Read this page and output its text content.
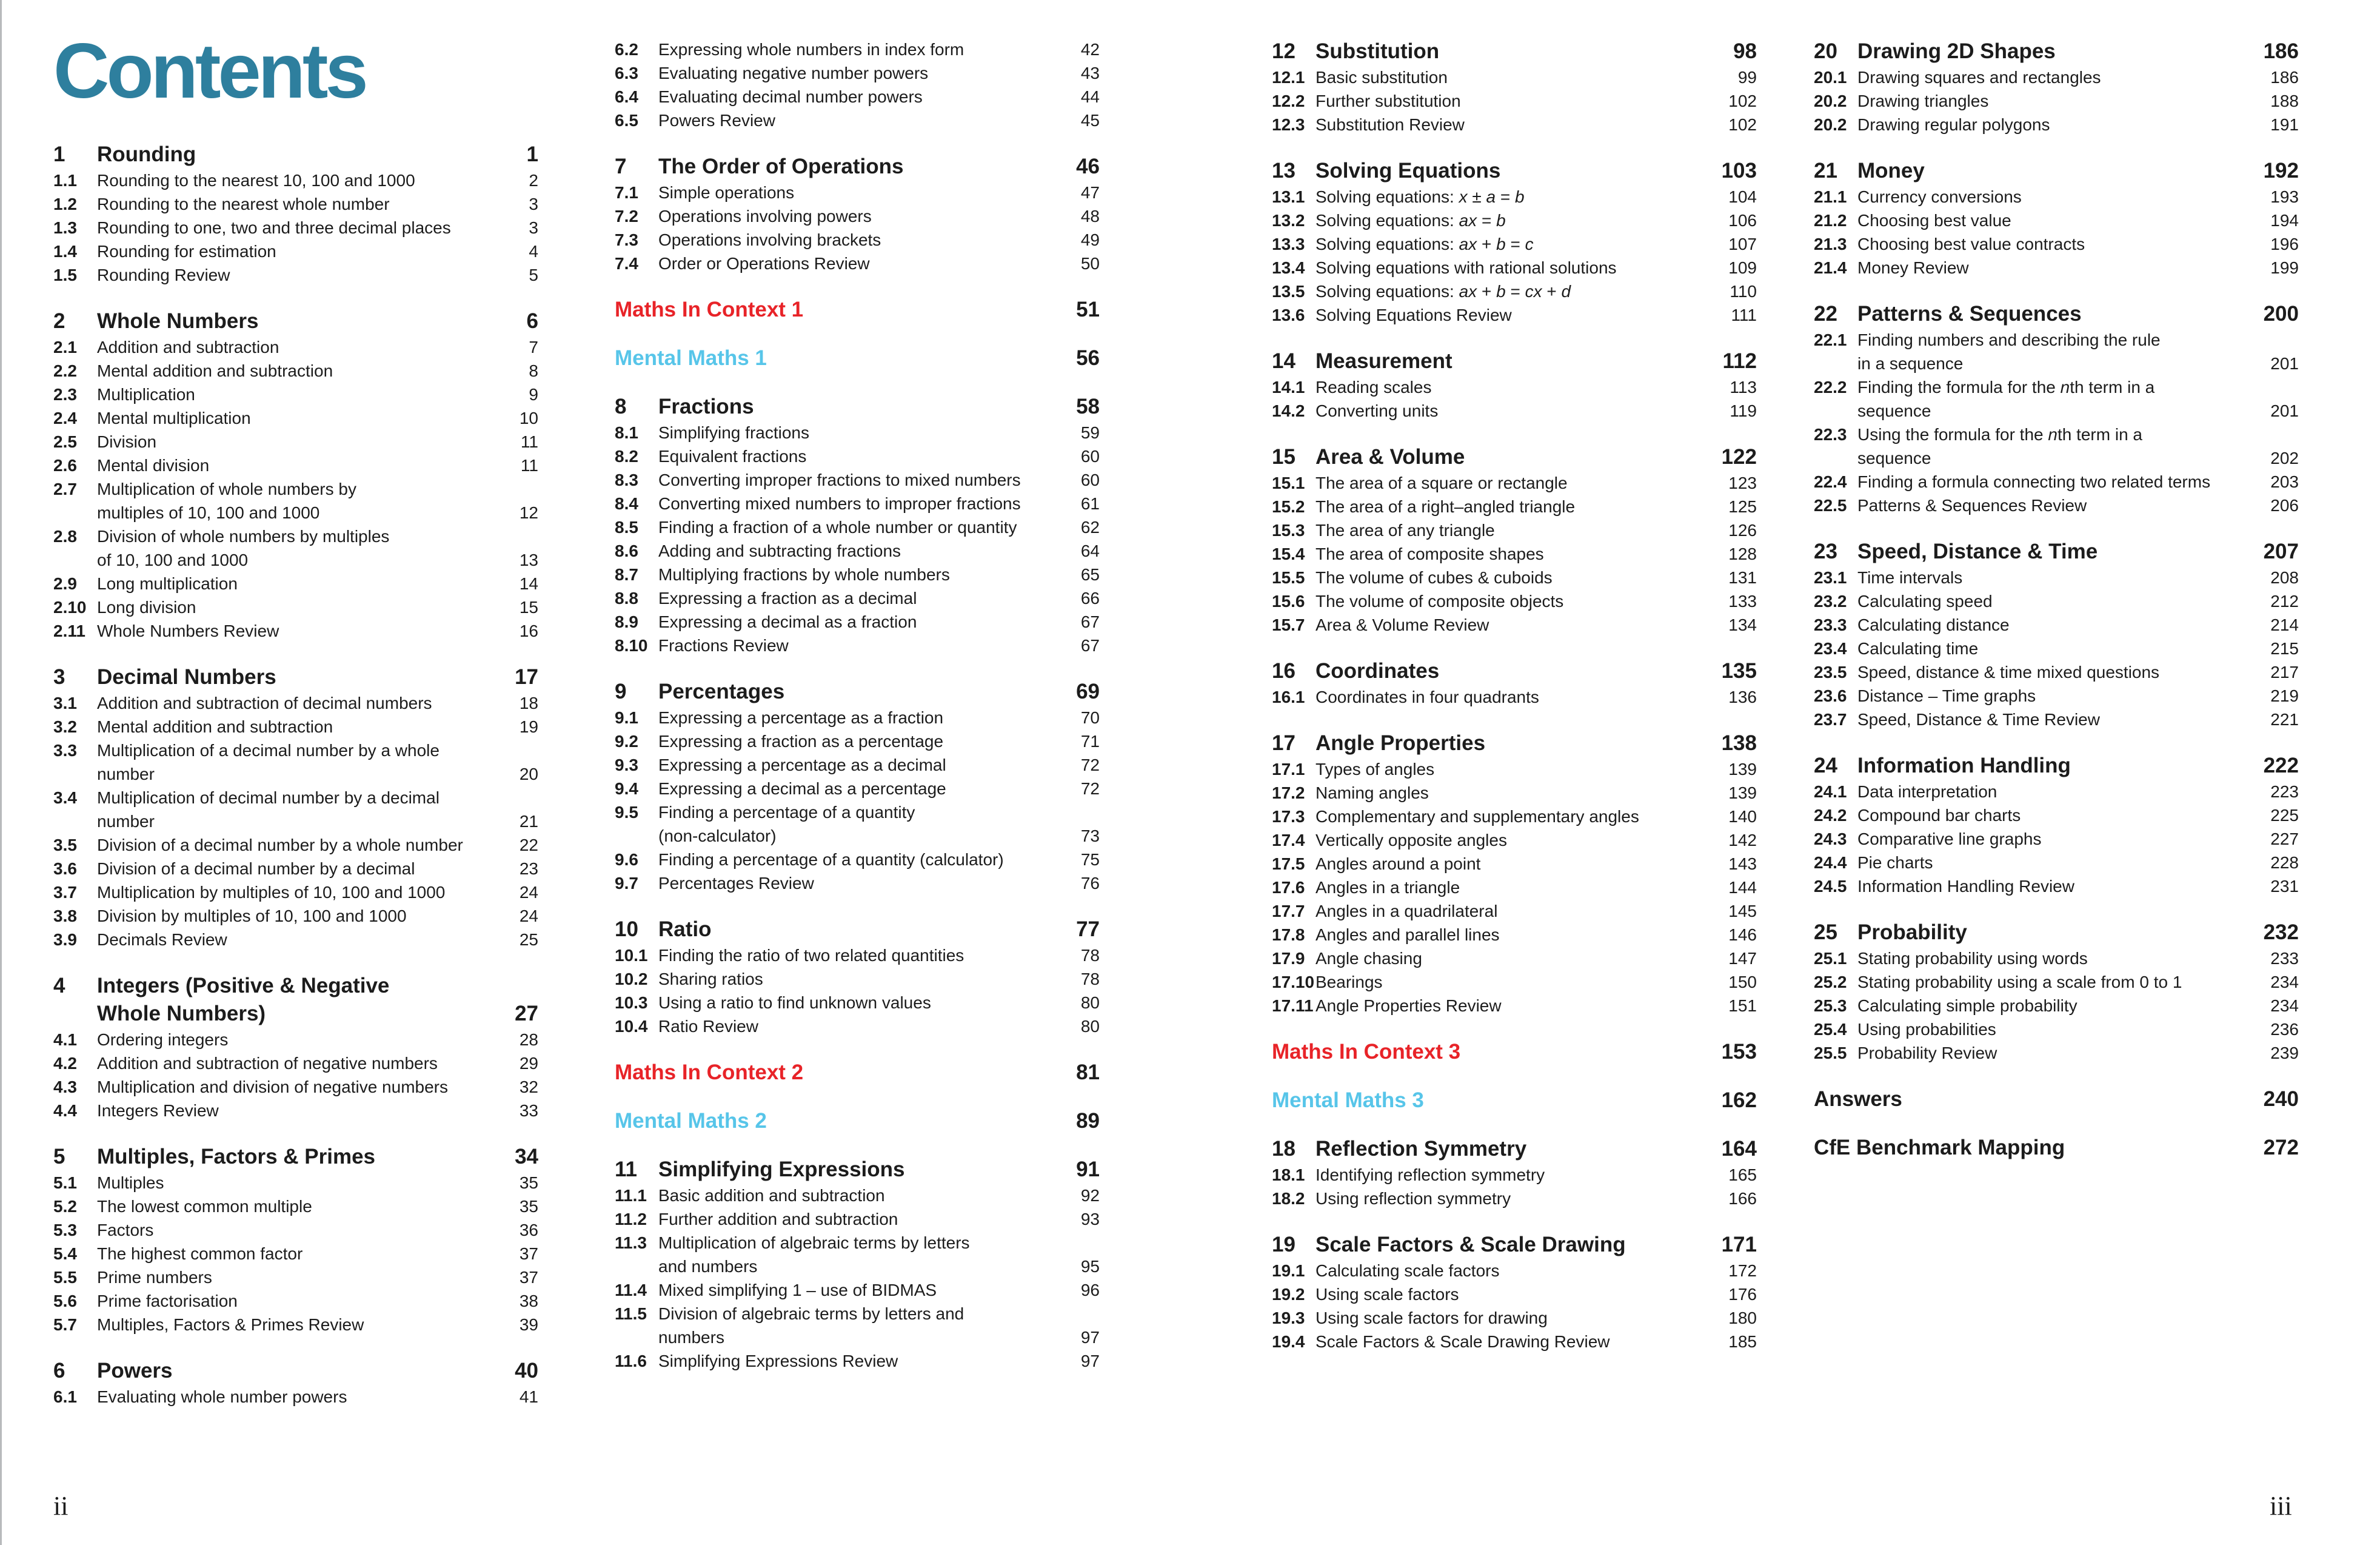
Contents
1	Rounding	1
1.1	Rounding to the nearest 10, 100 and 1000	2
1.2	Rounding to the nearest whole number	3
1.3	Rounding to one, two and three decimal places	3
1.4	Rounding for estimation	4
1.5	Rounding Review	5
2	Whole Numbers	6
2.1	Addition and subtraction	7
2.2	Mental addition and subtraction	8
2.3	Multiplication	9
2.4	Mental multiplication	10
2.5	Division	11
2.6	Mental division	11
2.7	Multiplication of whole numbers by
multiples of 10, 100 and 1000	12
2.8	Division of whole numbers by multiples
of 10, 100 and 1000	13
2.9	Long multiplication	14
2.10 Long division	15
2.11 Whole Numbers Review	16
3	Decimal Numbers	17
3.1	Addition and subtraction of decimal numbers	18
3.2	Mental addition and subtraction	19
3.3	Multiplication of a decimal number by a whole
number	20
3.4	Multiplication of decimal number by a decimal
number	21
3.5	Division of a decimal number by a whole number	22
3.6	Division of a decimal number by a decimal	23
3.7	Multiplication by multiples of 10, 100 and 1000	24
3.8	Division by multiples of 10, 100 and 1000	24
3.9	Decimals Review	25
4	Integers (Positive & Negative
Whole Numbers)	27
4.1	Ordering integers	28
4.2	Addition and subtraction of negative numbers	29
4.3	Multiplication and division of negative numbers	32
4.4	Integers Review	33
5	Multiples, Factors & Primes	34
5.1	Multiples	35
5.2	The lowest common multiple	35
5.3	Factors	36
5.4	The highest common factor	37
5.5	Prime numbers	37
5.6	Prime factorisation	38
5.7	Multiples, Factors & Primes Review	39
6	Powers	40
6.1	Evaluating whole number powers	41
6.2	Expressing whole numbers in index form	42
6.3	Evaluating negative number powers	43
6.4	Evaluating decimal number powers	44
6.5	Powers Review	45
7	The Order of Operations	46
7.1	Simple operations	47
7.2	Operations involving powers	48
7.3	Operations involving brackets	49
7.4	Order or Operations Review	50
Maths In Context 1	51
Mental Maths 1	56
8	Fractions	58
8.1	Simplifying fractions	59
8.2	Equivalent fractions	60
8.3	Converting improper fractions to mixed numbers	60
8.4	Converting mixed numbers to improper fractions	61
8.5	Finding a fraction of a whole number or quantity	62
8.6	Adding and subtracting fractions	64
8.7	Multiplying fractions by whole numbers	65
8.8	Expressing a fraction as a decimal	66
8.9	Expressing a decimal as a fraction	67
8.10 Fractions Review	67
9	Percentages	69
9.1	Expressing a percentage as a fraction	70
9.2	Expressing a fraction as a percentage	71
9.3	Expressing a percentage as a decimal	72
9.4	Expressing a decimal as a percentage	72
9.5	Finding a percentage of a quantity
(non-calculator)	73
9.6	Finding a percentage of a quantity (calculator)	75
9.7	Percentages Review	76
10 Ratio	77
10.1 Finding the ratio of two related quantities	78
10.2 Sharing ratios	78
10.3 Using a ratio to find unknown values	80
10.4 Ratio Review	80
Maths In Context 2	81
Mental Maths 2	89
11	Simplifying Expressions	91
11.1 Basic addition and subtraction	92
11.2 Further addition and subtraction	93
11.3 Multiplication of algebraic terms by letters
and numbers	95
11.4 Mixed simplifying 1 – use of BIDMAS	96
11.5 Division of algebraic terms by letters and
numbers	97
11.6 Simplifying Expressions Review	97
12 Substitution	98
12.1 Basic substitution	99
12.2 Further substitution	102
12.3 Substitution Review	102
13 Solving Equations	103
13.1 Solving equations: x ± a = b	104
13.2 Solving equations: ax = b	106
13.3 Solving equations: ax + b = c	107
13.4 Solving equations with rational solutions	109
13.5 Solving equations: ax + b = cx + d	110
13.6 Solving Equations Review	111
14 Measurement	112
14.1 Reading scales	113
14.2 Converting units	119
15 Area & Volume	122
15.1 The area of a square or rectangle	123
15.2 The area of a right–angled triangle	125
15.3 The area of any triangle	126
15.4 The area of composite shapes	128
15.5 The volume of cubes & cuboids	131
15.6 The volume of composite objects	133
15.7 Area & Volume Review	134
16 Coordinates	135
16.1 Coordinates in four quadrants	136
17 Angle Properties	138
17.1 Types of angles	139
17.2 Naming angles	139
17.3 Complementary and supplementary angles	140
17.4 Vertically opposite angles	142
17.5 Angles around a point	143
17.6 Angles in a triangle	144
17.7 Angles in a quadrilateral	145
17.8 Angles and parallel lines	146
17.9 Angle chasing	147
17.10 Bearings	150
17.11 Angle Properties Review	151
Maths In Context 3	153
Mental Maths 3	162
18 Reflection Symmetry	164
18.1 Identifying reflection symmetry	165
18.2 Using reflection symmetry	166
19 Scale Factors & Scale Drawing	171
19.1 Calculating scale factors	172
19.2 Using scale factors	176
19.3 Using scale factors for drawing	180
19.4 Scale Factors & Scale Drawing Review	185
20 Drawing 2D Shapes	186
20.1 Drawing squares and rectangles	186
20.2 Drawing triangles	188
20.2 Drawing regular polygons	191
21 Money	192
21.1 Currency conversions	193
21.2 Choosing best value	194
21.3 Choosing best value contracts	196
21.4 Money Review	199
22 Patterns & Sequences	200
22.1 Finding numbers and describing the rule
in a sequence	201
22.2 Finding the formula for the nth term in a
sequence	201
22.3 Using the formula for the nth term in a
sequence	202
22.4 Finding a formula connecting two related terms	203
22.5 Patterns & Sequences Review	206
23 Speed, Distance & Time	207
23.1 Time intervals	208
23.2 Calculating speed	212
23.3 Calculating distance	214
23.4 Calculating time	215
23.5 Speed, distance & time mixed questions	217
23.6 Distance – Time graphs	219
23.7 Speed, Distance & Time Review	221
24 Information Handling	222
24.1 Data interpretation	223
24.2 Compound bar charts	225
24.3 Comparative line graphs	227
24.4 Pie charts	228
24.5 Information Handling Review	231
25 Probability	232
25.1 Stating probability using words	233
25.2 Stating probability using a scale from 0 to 1	234
25.3 Calculating simple probability	234
25.4 Using probabilities	236
25.5 Probability Review	239
Answers	240
CfE Benchmark Mapping	272
ii	iii
